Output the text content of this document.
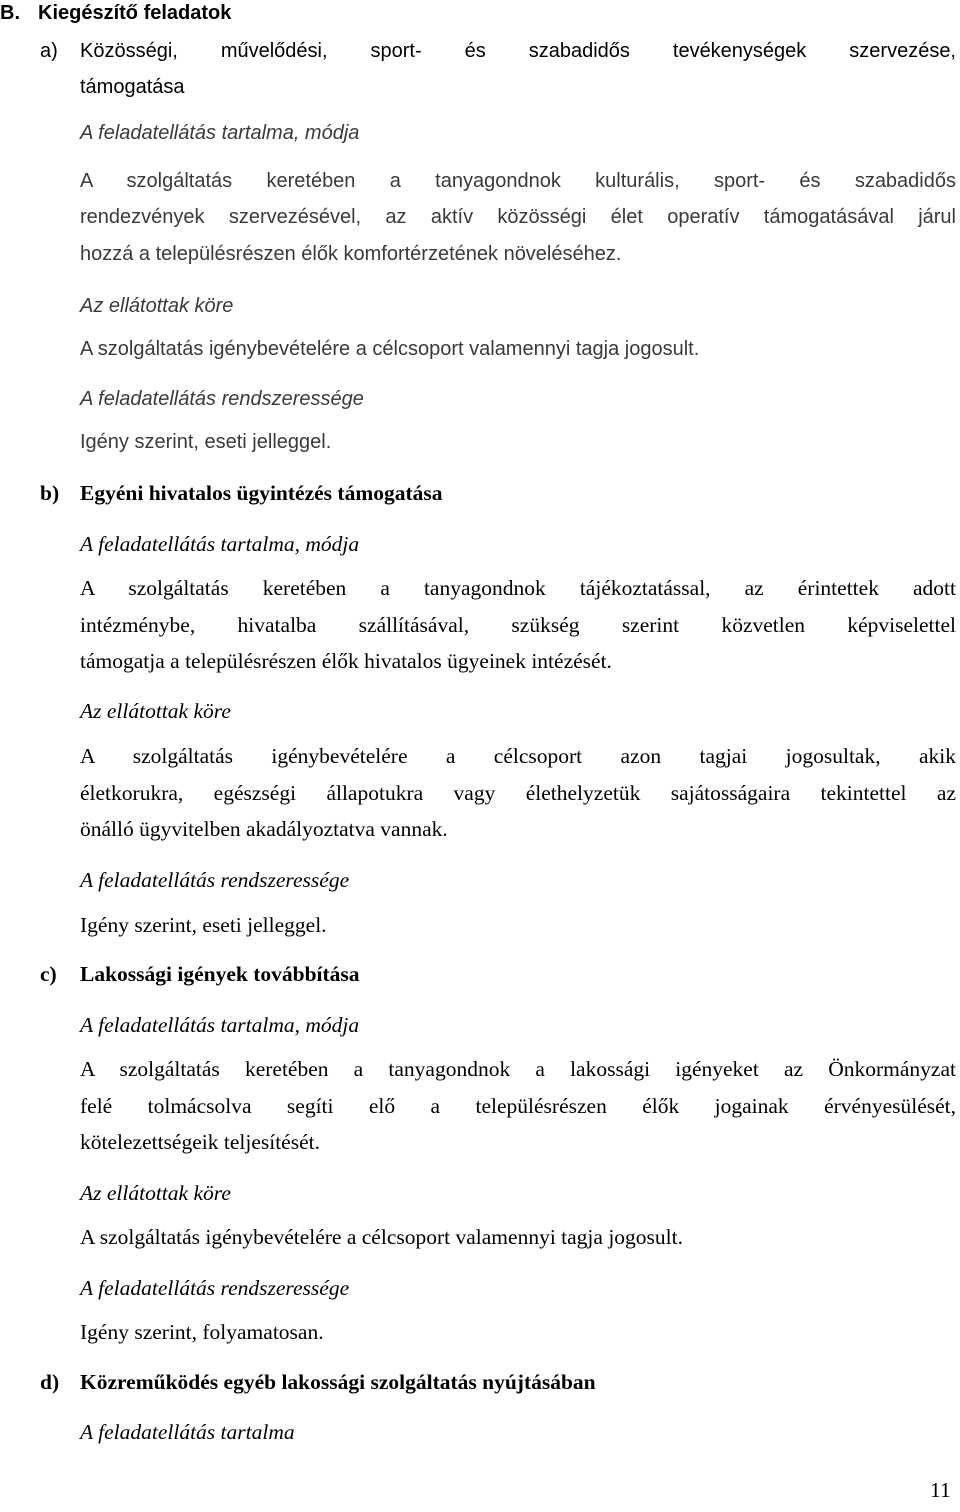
B. Kiegészítő feladatok
a) Közösségi, művelődési, sport- és szabadidős tevékenységek szervezése,
támogatása
A feladatellátás tartalma, módja
A szolgáltatás keretében a tanyagondnok kulturális, sport- és szabadidős
rendezvények szervezésével, az aktív közösségi élet operatív támogatásával járul
hozzá a településrészen élők komfortérzetének növeléséhez.
Az ellátottak köre
A szolgáltatás igénybevételére a célcsoport valamennyi tagja jogosult.
A feladatellátás rendszeressége
Igény szerint, eseti jelleggel.
b) Egyéni hivatalos ügyintézés támogatása
A feladatellátás tartalma, módja
A szolgáltatás keretében a tanyagondnok tájékoztatással, az érintettek adott
intézménybe, hivatalba szállításával, szükség szerint közvetlen képviselettel
támogatja a településrészen élők hivatalos ügyeinek intézését.
Az ellátottak köre
A szolgáltatás igénybevételére a célcsoport azon tagjai jogosultak, akik
életkorukra, egészségi állapotukra vagy élethelyzetük sajátosságaira tekintettel az
önálló ügyvitelben akadályoztatva vannak.
A feladatellátás rendszeressége
Igény szerint, eseti jelleggel.
c) Lakossági igények továbbítása
A feladatellátás tartalma, módja
A szolgáltatás keretében a tanyagondnok a lakossági igényeket az Önkormányzat
felé tolmácsolva segíti elő a településrészen élők jogainak érvényesülését,
kötelezettségeik teljesítését.
Az ellátottak köre
A szolgáltatás igénybevételére a célcsoport valamennyi tagja jogosult.
A feladatellátás rendszeressége
Igény szerint, folyamatosan.
d) Közreműködés egyéb lakossági szolgáltatás nyújtásában
A feladatellátás tartalma
11
